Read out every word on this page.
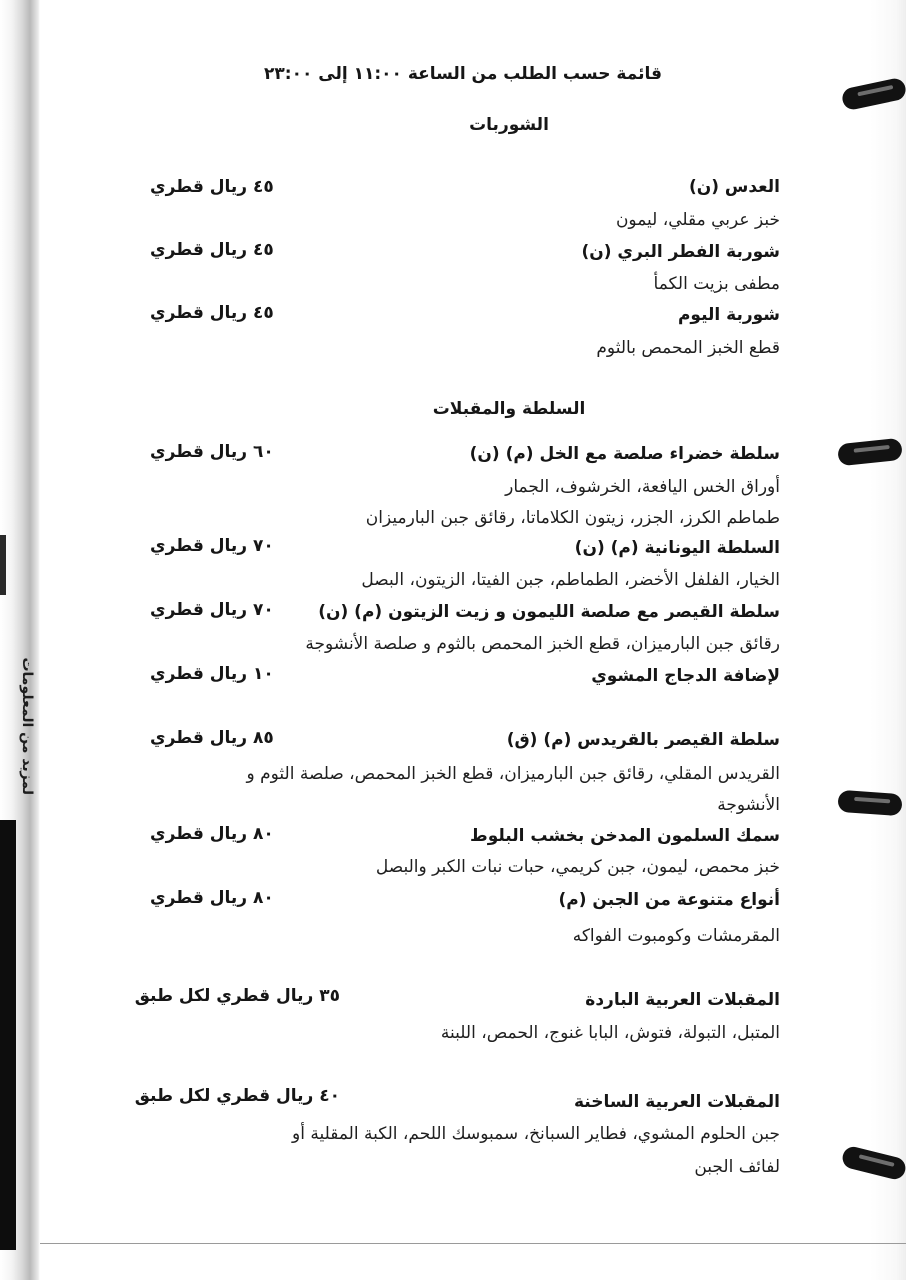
لمزيد من المعلومات
قائمة حسب الطلب من الساعة ١١:٠٠ إلى ٢٣:٠٠
الشوربات
العدس (ن)
٤٥ ريال قطري
خبز عربي مقلي، ليمون
شوربة الفطر البري (ن)
٤٥ ريال قطري
مطفى بزيت الكمأ
شوربة اليوم
٤٥ ريال قطري
قطع الخبز المحمص بالثوم
السلطة والمقبلات
سلطة خضراء صلصة مع الخل (م) (ن)
٦٠ ريال قطري
أوراق الخس اليافعة، الخرشوف، الجمار
طماطم الكرز، الجزر، زيتون الكلاماتا، رقائق جبن البارميزان
السلطة اليونانية (م) (ن)
٧٠ ريال قطري
الخيار، الفلفل الأخضر، الطماطم، جبن الفيتا، الزيتون، البصل
سلطة القيصر مع صلصة الليمون و زيت الزيتون (م) (ن)
٧٠ ريال قطري
رقائق جبن البارميزان، قطع الخبز المحمص بالثوم و صلصة الأنشوجة
لإضافة الدجاج المشوي
١٠ ريال قطري
سلطة القيصر بالقريدس (م) (ق)
٨٥ ريال قطري
القريدس المقلي، رقائق جبن البارميزان، قطع الخبز المحمص، صلصة الثوم و
الأنشوجة
سمك السلمون المدخن بخشب البلوط
٨٠ ريال قطري
خبز محمص، ليمون، جبن كريمي، حبات نبات الكبر والبصل
أنواع متنوعة من الجبن (م)
٨٠ ريال قطري
المقرمشات وكومبوت الفواكه
المقبلات العربية الباردة
٣٥ ريال قطري لكل طبق
المتبل، التبولة، فتوش، البابا غنوج، الحمص، اللبنة
المقبلات العربية الساخنة
٤٠ ريال قطري لكل طبق
جبن الحلوم المشوي، فطاير السبانخ، سمبوسك اللحم، الكبة المقلية أو
لفائف الجبن
